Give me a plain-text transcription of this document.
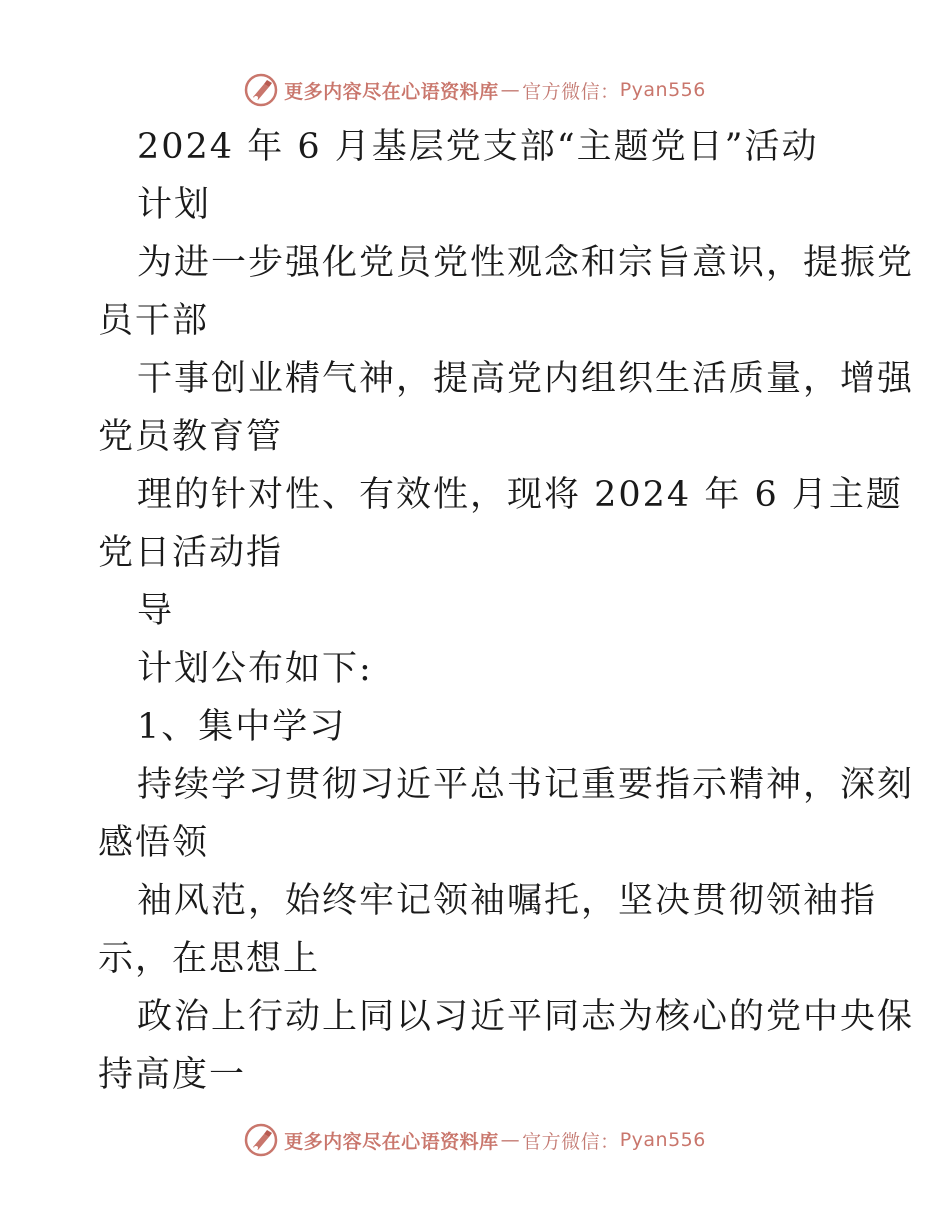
更多内容尽在心语资料库 — 官方微信： Pyan556
2024 年 6 月基层党支部“主题党日”活动
计划
为进一步强化党员党性观念和宗旨意识，提振党
员干部
干事创业精气神，提高党内组织生活质量，增强
党员教育管
理的针对性、有效性，现将 2024 年 6 月主题
党日活动指
导
计划公布如下:
1、集中学习
持续学习贯彻习近平总书记重要指示精神，深刻
感悟领
袖风范，始终牢记领袖嘱托，坚决贯彻领袖指
示，在思想上
政治上行动上同以习近平同志为核心的党中央保
持高度一
更多内容尽在心语资料库 — 官方微信： Pyan556
